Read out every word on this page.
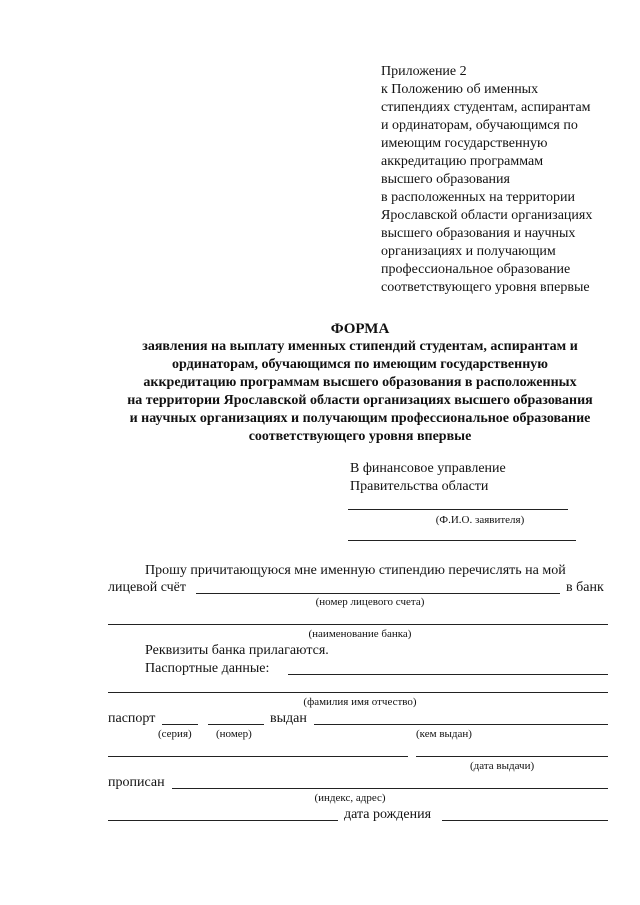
Приложение 2
к Положению об именных
стипендиях студентам, аспирантам
и ординаторам, обучающимся по
имеющим государственную
аккредитацию программам
высшего образования
в расположенных на территории
Ярославской области организациях
высшего образования и научных
организациях и получающим
профессиональное образование
соответствующего уровня впервые
ФОРМА
заявления на выплату именных стипендий студентам, аспирантам и
ординаторам, обучающимся по имеющим государственную
аккредитацию программам высшего образования в расположенных
на территории Ярославской области организациях высшего образования
и научных организациях и получающим профессиональное образование
соответствующего уровня впервые
В финансовое управление
Правительства области
(Ф.И.О. заявителя)
Прошу причитающуюся мне именную стипендию перечислять на мой
лицевой счёт	в банк
(номер лицевого счета)
(наименование банка)
Реквизиты банка прилагаются.
Паспортные данные:
(фамилия имя отчество)
паспорт	выдан
(серия) (номер)	(кем выдан)
(дата выдачи)
прописан
(индекс, адрес)
дата рождения
